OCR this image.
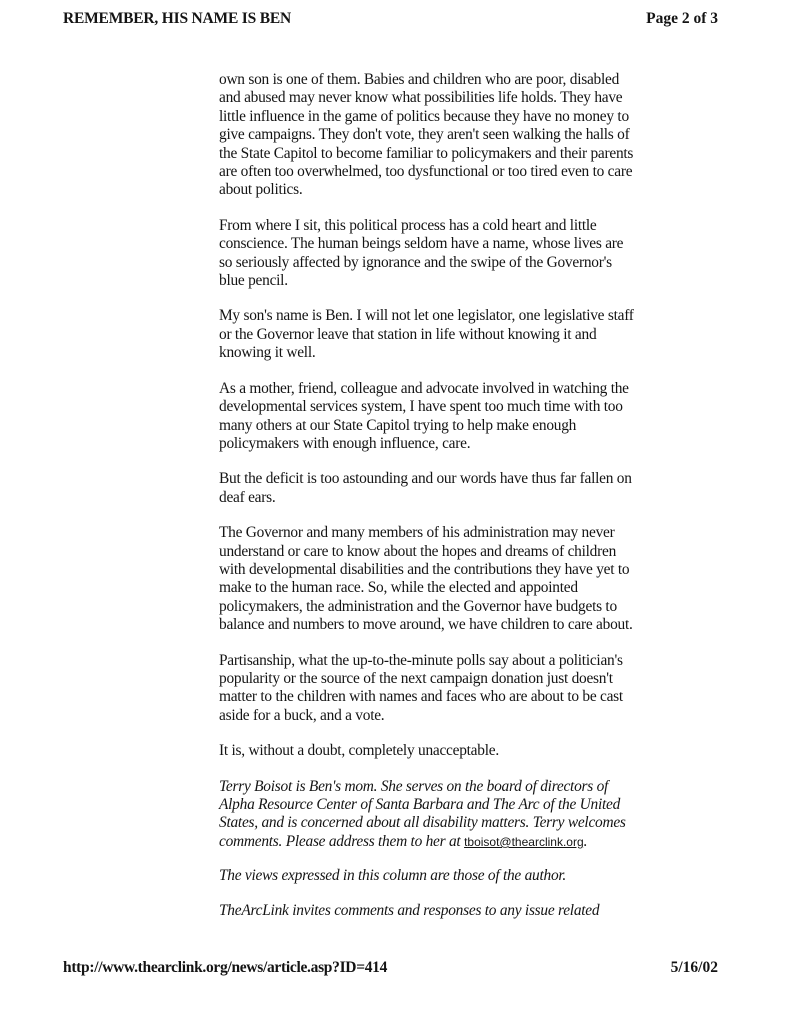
REMEMBER, HIS NAME IS BEN	Page 2 of 3

own son is one of them. Babies and children who are poor, disabled and abused may never know what possibilities life holds. They have little influence in the game of politics because they have no money to give campaigns. They don't vote, they aren't seen walking the halls of the State Capitol to become familiar to policymakers and their parents are often too overwhelmed, too dysfunctional or too tired even to care about politics.

From where I sit, this political process has a cold heart and little conscience. The human beings seldom have a name, whose lives are so seriously affected by ignorance and the swipe of the Governor's blue pencil.

My son's name is Ben. I will not let one legislator, one legislative staff or the Governor leave that station in life without knowing it and knowing it well.

As a mother, friend, colleague and advocate involved in watching the developmental services system, I have spent too much time with too many others at our State Capitol trying to help make enough policymakers with enough influence, care.

But the deficit is too astounding and our words have thus far fallen on deaf ears.

The Governor and many members of his administration may never understand or care to know about the hopes and dreams of children with developmental disabilities and the contributions they have yet to make to the human race. So, while the elected and appointed policymakers, the administration and the Governor have budgets to balance and numbers to move around, we have children to care about.

Partisanship, what the up-to-the-minute polls say about a politician's popularity or the source of the next campaign donation just doesn't matter to the children with names and faces who are about to be cast aside for a buck, and a vote.

It is, without a doubt, completely unacceptable.

Terry Boisot is Ben's mom. She serves on the board of directors of Alpha Resource Center of Santa Barbara and The Arc of the United States, and is concerned about all disability matters. Terry welcomes comments. Please address them to her at tboisot@thearclink.org.

The views expressed in this column are those of the author.

TheArcLink invites comments and responses to any issue related

http://www.thearclink.org/news/article.asp?ID=414	5/16/02
